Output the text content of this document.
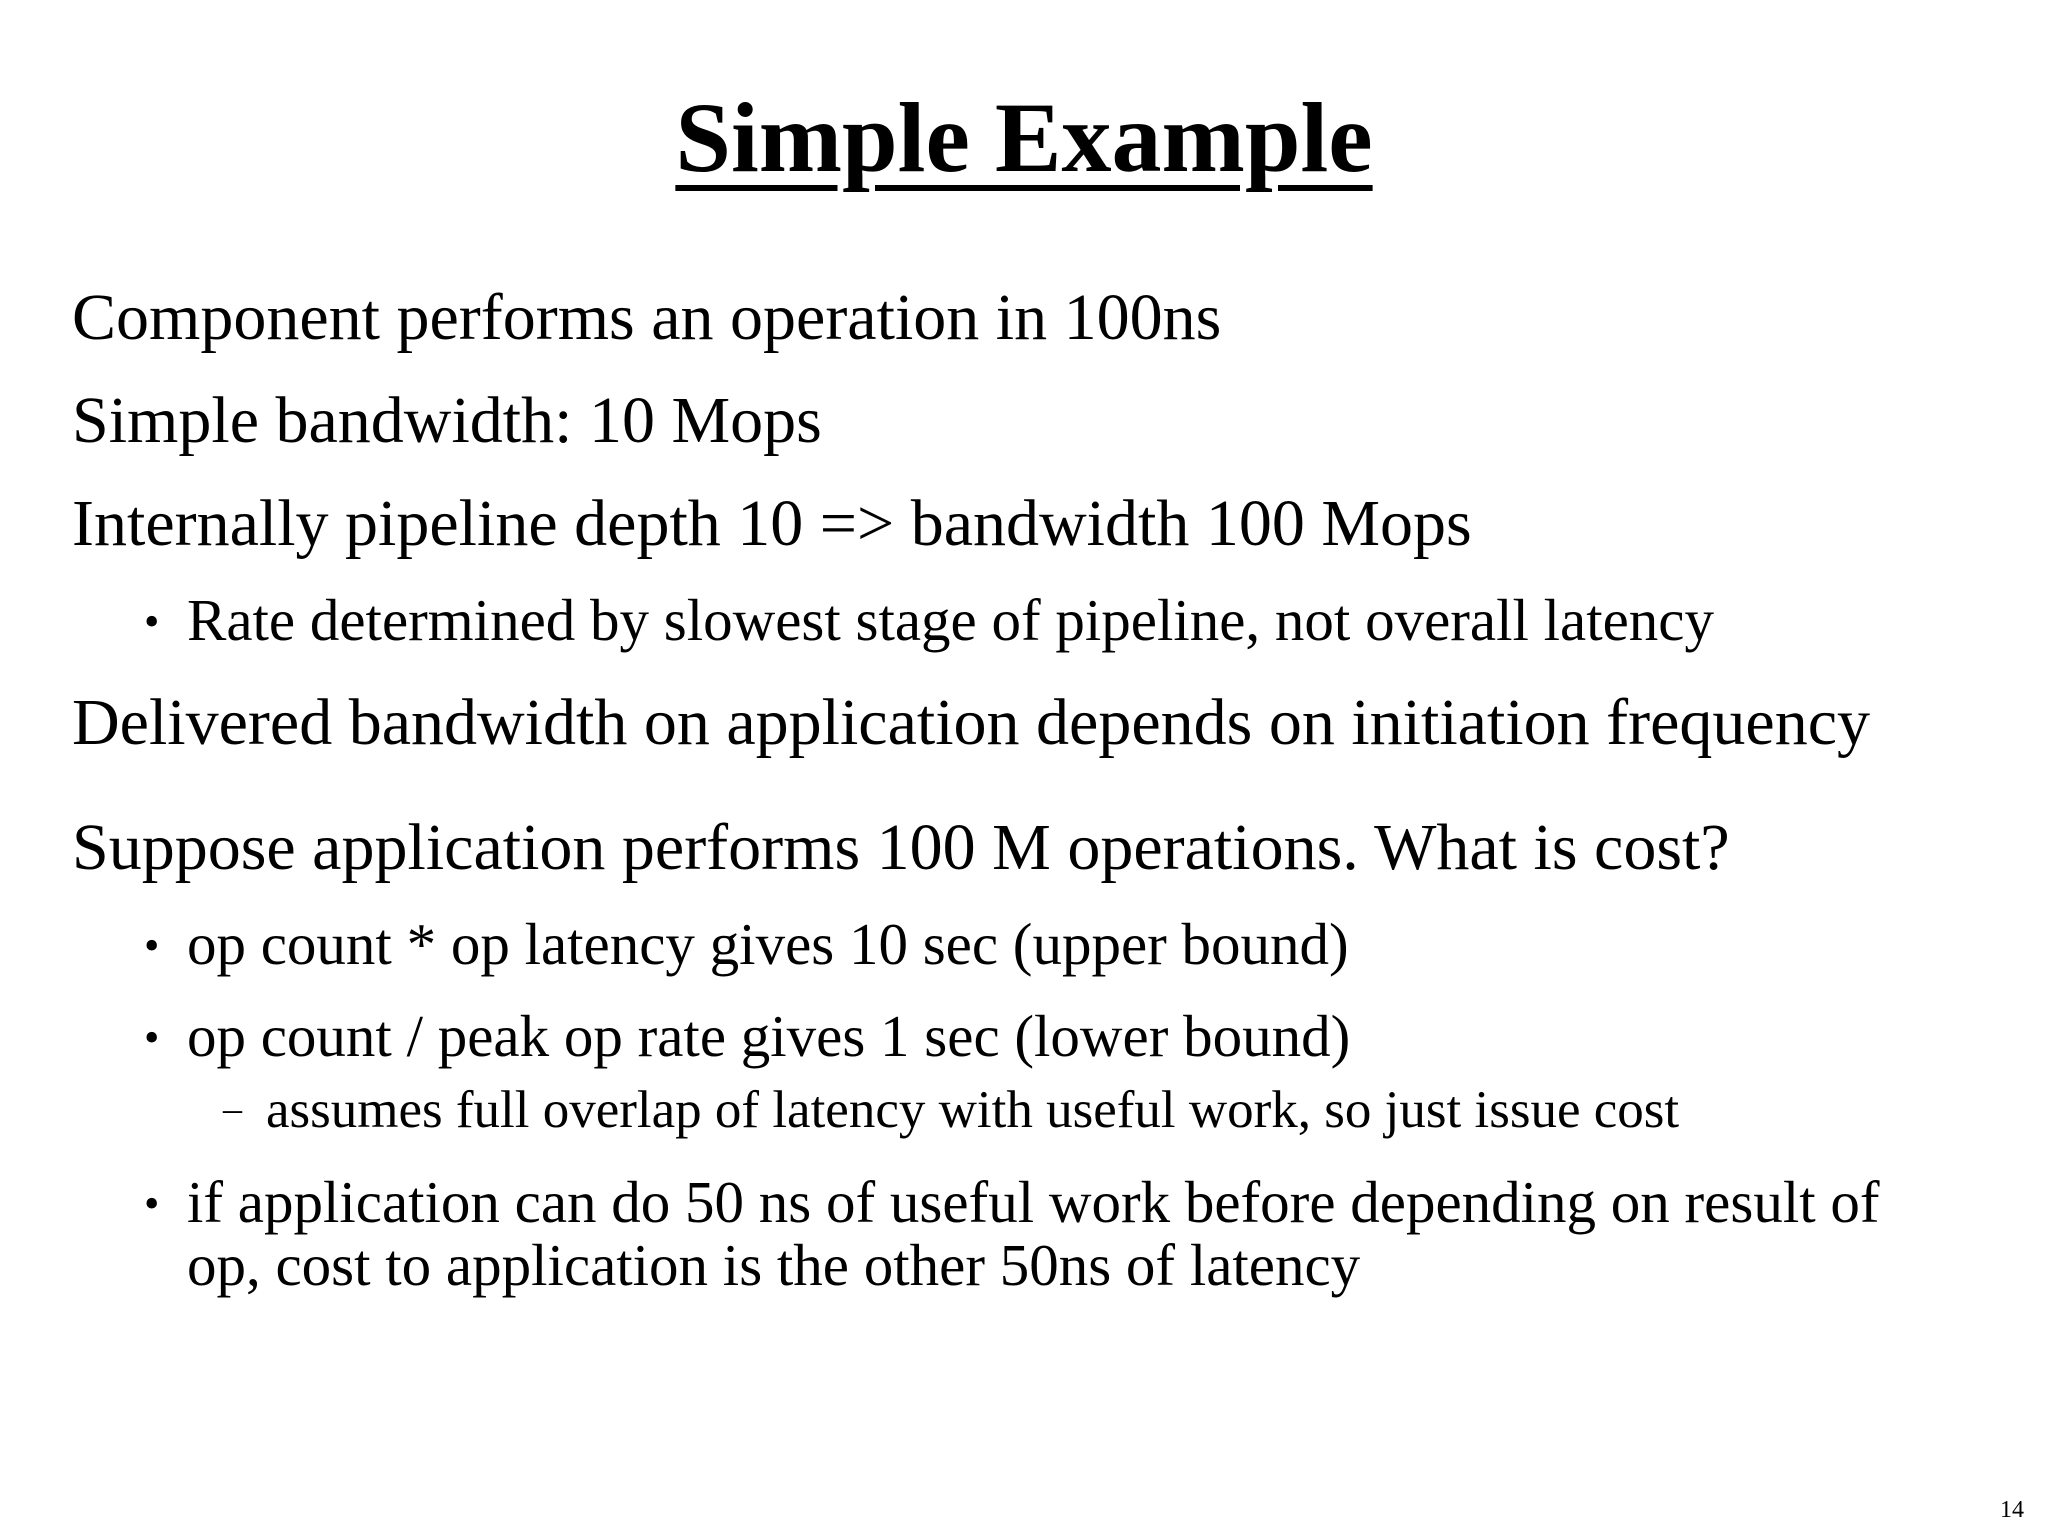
Simple Example
Component performs an operation in 100ns
Simple bandwidth: 10 Mops
Internally pipeline depth 10 => bandwidth 100 Mops
• Rate determined by slowest stage of pipeline, not overall latency
Delivered bandwidth on application depends on initiation frequency
Suppose application performs 100 M operations. What is cost?
• op count * op latency gives 10 sec (upper bound)
• op count / peak op rate gives 1 sec (lower bound)
– assumes full overlap of latency with useful work, so just issue cost
• if application can do 50 ns of useful work before depending on result of
op, cost to application is the other 50ns of latency
14
